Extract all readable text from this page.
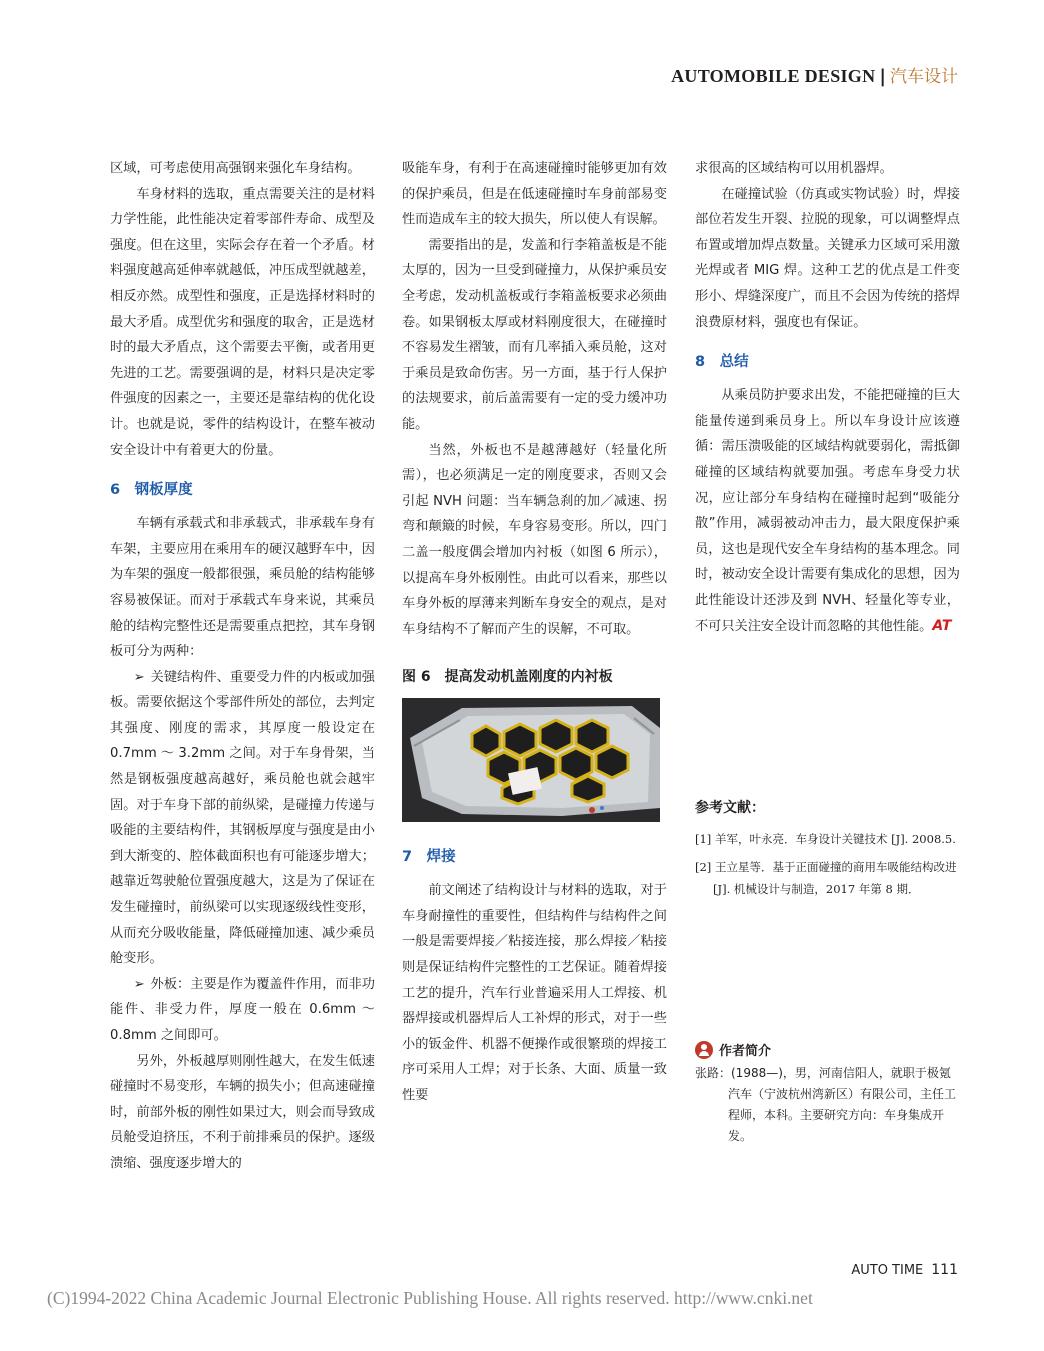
AUTOMOBILE DESIGN | 汽车设计

区域，可考虑使用高强钢来强化车身结构。

车身材料的选取，重点需要关注的是材料力学性能，此性能决定着零部件寿命、成型及强度。但在这里，实际会存在着一个矛盾。材料强度越高延伸率就越低，冲压成型就越差，相反亦然。成型性和强度，正是选择材料时的最大矛盾。成型优劣和强度的取舍，正是选材时的最大矛盾点，这个需要去平衡，或者用更先进的工艺。需要强调的是，材料只是决定零件强度的因素之一，主要还是靠结构的优化设计。也就是说，零件的结构设计，在整车被动安全设计中有着更大的份量。

6　钢板厚度

车辆有承载式和非承载式，非承载车身有车架，主要应用在乘用车的硬汉越野车中，因为车架的强度一般都很强，乘员舱的结构能够容易被保证。而对于承载式车身来说，其乘员舱的结构完整性还是需要重点把控，其车身钢板可分为两种：

➢ 关键结构件、重要受力件的内板或加强板。需要依据这个零部件所处的部位，去判定其强度、刚度的需求，其厚度一般设定在 0.7mm ～ 3.2mm 之间。对于车身骨架，当然是钢板强度越高越好，乘员舱也就会越牢固。对于车身下部的前纵梁，是碰撞力传递与吸能的主要结构件，其钢板厚度与强度是由小到大渐变的、腔体截面积也有可能逐步增大；越靠近驾驶舱位置强度越大，这是为了保证在发生碰撞时，前纵梁可以实现逐级线性变形，从而充分吸收能量，降低碰撞加速、减少乘员舱变形。

➢ 外板：主要是作为覆盖件作用，而非功能件、非受力件，厚度一般在 0.6mm ～ 0.8mm 之间即可。

另外，外板越厚则刚性越大，在发生低速碰撞时不易变形，车辆的损失小；但高速碰撞时，前部外板的刚性如果过大，则会而导致成员舱受迫挤压，不利于前排乘员的保护。逐级溃缩、强度逐步增大的

吸能车身，有利于在高速碰撞时能够更加有效的保护乘员，但是在低速碰撞时车身前部易变性而造成车主的较大损失，所以使人有误解。

需要指出的是，发盖和行李箱盖板是不能太厚的，因为一旦受到碰撞力，从保护乘员安全考虑，发动机盖板或行李箱盖板要求必须曲卷。如果钢板太厚或材料刚度很大，在碰撞时不容易发生褶皱，而有几率插入乘员舱，这对于乘员是致命伤害。另一方面，基于行人保护的法规要求，前后盖需要有一定的受力缓冲功能。

当然，外板也不是越薄越好（轻量化所需），也必须满足一定的刚度要求，否则又会引起 NVH 问题：当车辆急刹的加／减速、拐弯和颠簸的时候，车身容易变形。所以，四门二盖一般度偶会增加内衬板（如图 6 所示），以提高车身外板刚性。由此可以看来，那些以车身外板的厚薄来判断车身安全的观点，是对车身结构不了解而产生的误解，不可取。

图 6　提高发动机盖刚度的内衬板

7　焊接

前文阐述了结构设计与材料的选取，对于车身耐撞性的重要性，但结构件与结构件之间一般是需要焊接／粘接连接，那么焊接／粘接则是保证结构件完整性的工艺保证。随着焊接工艺的提升，汽车行业普遍采用人工焊接、机器焊接或机器焊后人工补焊的形式，对于一些小的钣金件、机器不便操作或很繁琐的焊接工序可采用人工焊；对于长条、大面、质量一致性要

求很高的区域结构可以用机器焊。

在碰撞试验（仿真或实物试验）时，焊接部位若发生开裂、拉脱的现象，可以调整焊点布置或增加焊点数量。关键承力区域可采用激光焊或者 MIG 焊。这种工艺的优点是工件变形小、焊缝深度广，而且不会因为传统的搭焊浪费原材料，强度也有保证。

8　总结

从乘员防护要求出发，不能把碰撞的巨大能量传递到乘员身上。所以车身设计应该遵循：需压溃吸能的区域结构就要弱化，需抵御碰撞的区域结构就要加强。考虑车身受力状况，应让部分车身结构在碰撞时起到“吸能分散”作用，减弱被动冲击力，最大限度保护乘员，这也是现代安全车身结构的基本理念。同时，被动安全设计需要有集成化的思想，因为此性能设计还涉及到 NVH、轻量化等专业，不可只关注安全设计而忽略的其他性能。AT

参考文献：

[1] 羊军，叶永亮．车身设计关键技术 [J]. 2008.5.

[2] 王立星等．基于正面碰撞的商用车吸能结构改进 [J]. 机械设计与制造，2017 年第 8 期．

作者简介
张路：(1988—)，男，河南信阳人，就职于极氪
汽车（宁波杭州湾新区）有限公司，主任工程师，本科。主要研究方向：车身集成开发。
AUTO TIME 111
(C)1994-2022 China Academic Journal Electronic Publishing House. All rights reserved. http://www.cnki.net
